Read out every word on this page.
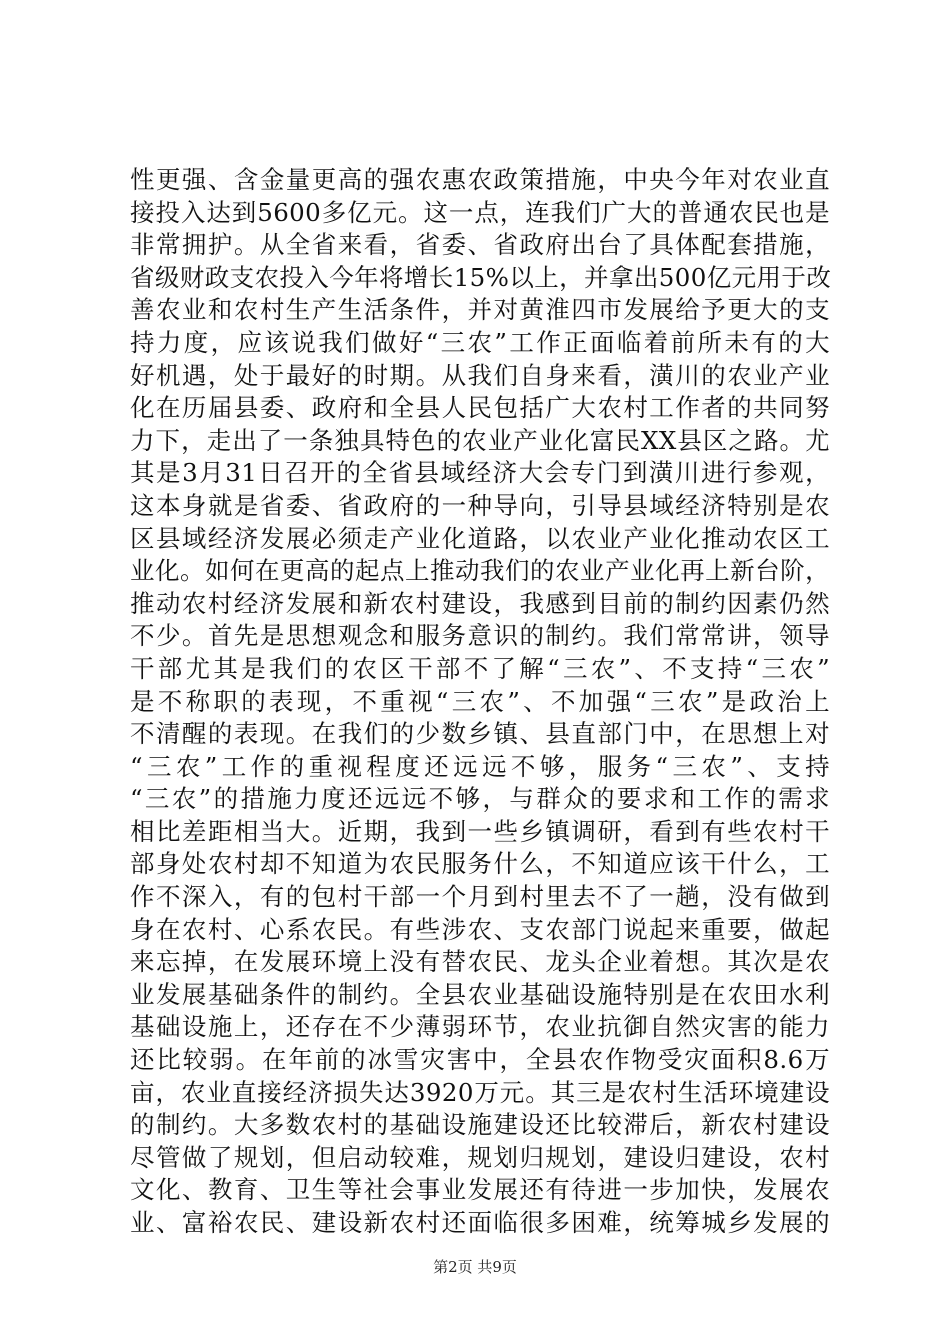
性更强、含金量更高的强农惠农政策措施，中央今年对农业直
接投入达到5600多亿元。这一点，连我们广大的普通农民也是
非常拥护。从全省来看，省委、省政府出台了具体配套措施，
省级财政支农投入今年将增长15%以上，并拿出500亿元用于改
善农业和农村生产生活条件，并对黄淮四市发展给予更大的支
持力度，应该说我们做好“三农”工作正面临着前所未有的大
好机遇，处于最好的时期。从我们自身来看，潢川的农业产业
化在历届县委、政府和全县人民包括广大农村工作者的共同努
力下，走出了一条独具特色的农业产业化富民XX县区之路。尤
其是3月31日召开的全省县域经济大会专门到潢川进行参观，
这本身就是省委、省政府的一种导向，引导县域经济特别是农
区县域经济发展必须走产业化道路，以农业产业化推动农区工
业化。如何在更高的起点上推动我们的农业产业化再上新台阶，
推动农村经济发展和新农村建设，我感到目前的制约因素仍然
不少。首先是思想观念和服务意识的制约。我们常常讲，领导
干部尤其是我们的农区干部不了解“三农”、不支持“三农”
是不称职的表现，不重视“三农”、不加强“三农”是政治上
不清醒的表现。在我们的少数乡镇、县直部门中，在思想上对
“三农”工作的重视程度还远远不够，服务“三农”、支持
“三农”的措施力度还远远不够，与群众的要求和工作的需求
相比差距相当大。近期，我到一些乡镇调研，看到有些农村干
部身处农村却不知道为农民服务什么，不知道应该干什么，工
作不深入，有的包村干部一个月到村里去不了一趟，没有做到
身在农村、心系农民。有些涉农、支农部门说起来重要，做起
来忘掉，在发展环境上没有替农民、龙头企业着想。其次是农
业发展基础条件的制约。全县农业基础设施特别是在农田水利
基础设施上，还存在不少薄弱环节，农业抗御自然灾害的能力
还比较弱。在年前的冰雪灾害中，全县农作物受灾面积8.6万
亩，农业直接经济损失达3920万元。其三是农村生活环境建设
的制约。大多数农村的基础设施建设还比较滞后，新农村建设
尽管做了规划，但启动较难，规划归规划，建设归建设，农村
文化、教育、卫生等社会事业发展还有待进一步加快，发展农
业、富裕农民、建设新农村还面临很多困难，统筹城乡发展的
第2页 共9页
